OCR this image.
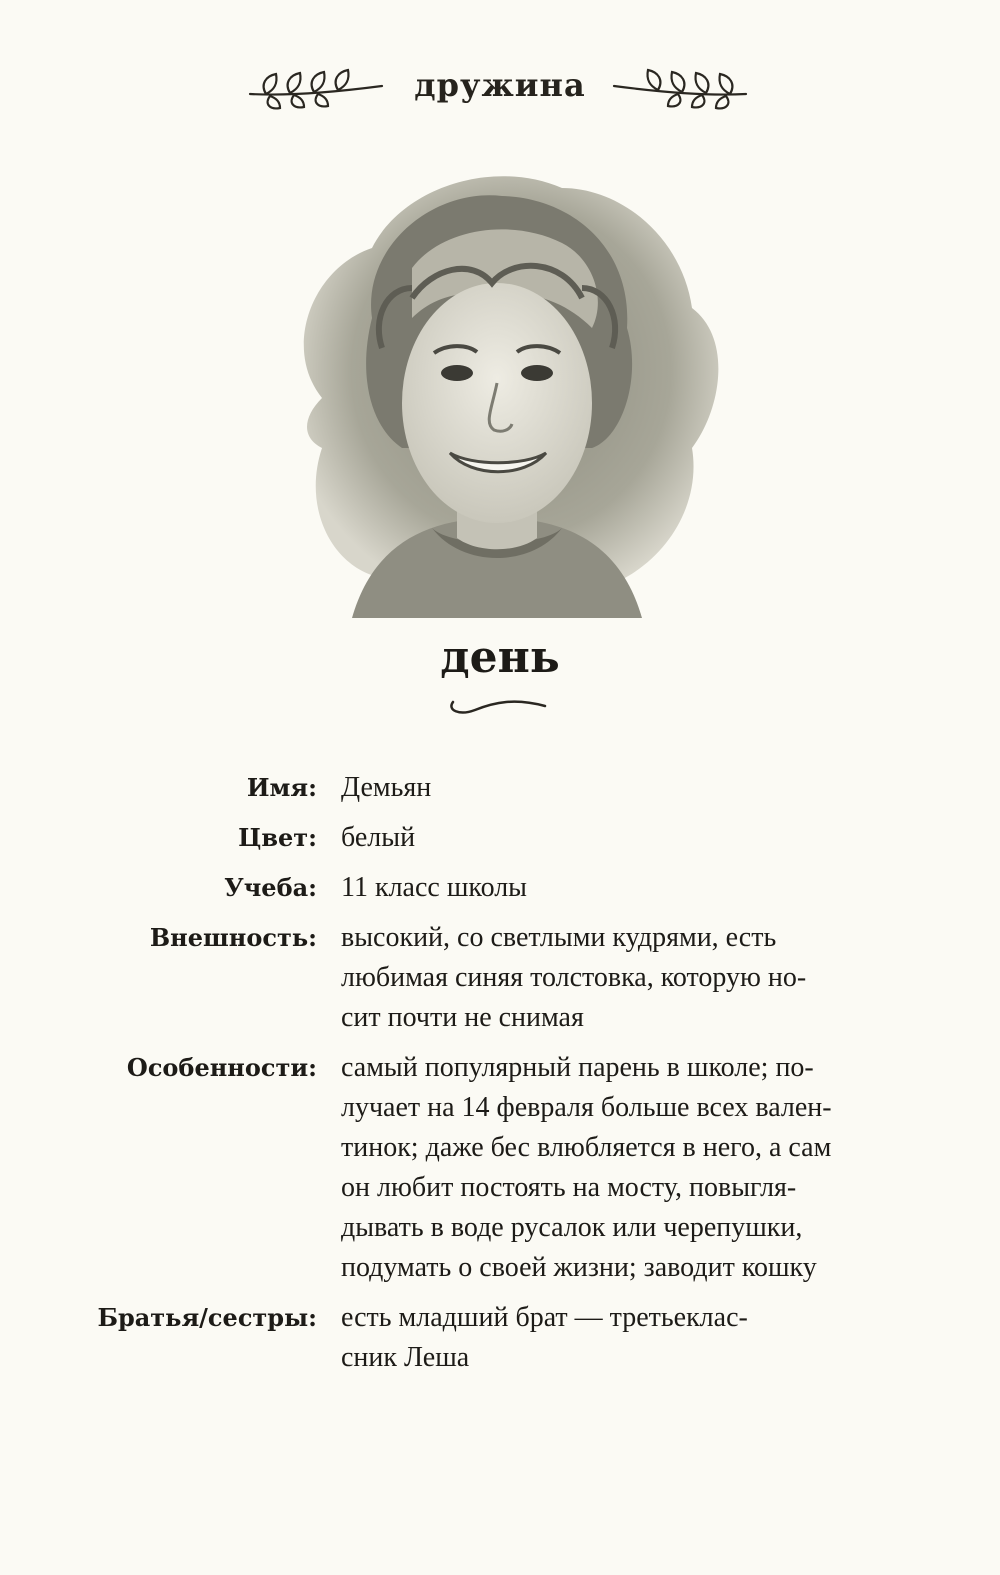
дружина
день
Имя: Демьян
Цвет: белый
Учеба: 11 класс школы
Внешность: высокий, со светлыми кудрями, есть
любимая синяя толстовка, которую но-
сит почти не снимая
Особенности: самый популярный парень в школе; по-
лучает на 14 февраля больше всех вален-
тинок; даже бес влюбляется в него, а сам
он любит постоять на мосту, повыгля-
дывать в воде русалок или черепушки,
подумать о своей жизни; заводит кошку
Братья/сестры: есть младший брат — третьеклас-
сник Леша
